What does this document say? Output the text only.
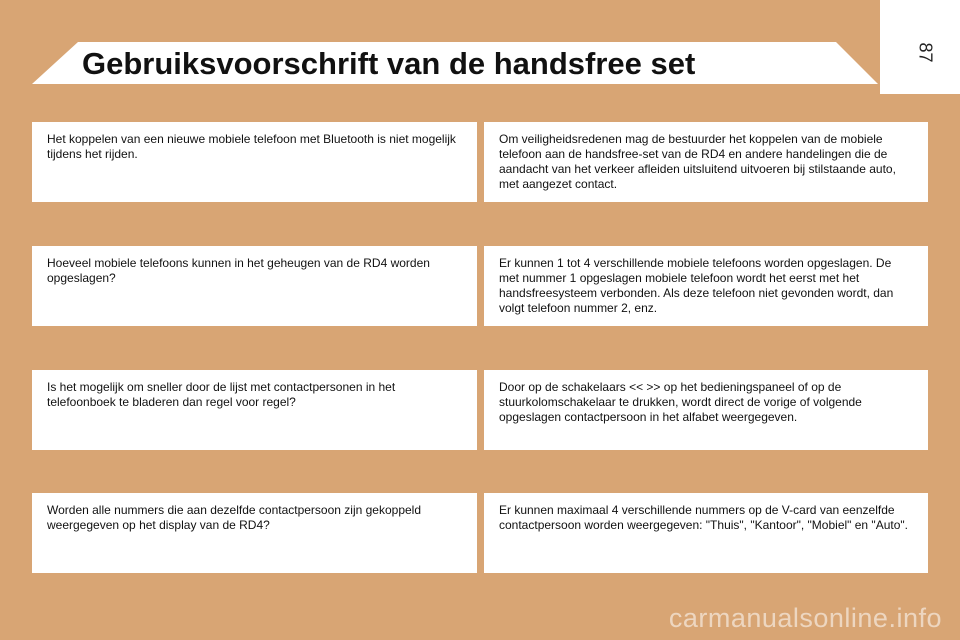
Gebruiksvoorschrift van de handsfree set	87
Het koppelen van een nieuwe mobiele telefoon met Bluetooth is niet mogelijk tijdens het rijden.
Om veiligheidsredenen mag de bestuurder het koppelen van de mobiele telefoon aan de handsfree-set van de RD4 en andere handelingen die de aandacht van het verkeer afleiden uitsluitend uitvoeren bij stilstaande auto, met aangezet contact.
Hoeveel mobiele telefoons kunnen in het geheugen van de RD4 worden opgeslagen?
Er kunnen 1 tot 4 verschillende mobiele telefoons worden opgeslagen. De met nummer 1 opgeslagen mobiele telefoon wordt het eerst met het handsfreesysteem verbonden. Als deze telefoon niet gevonden wordt, dan volgt telefoon nummer 2, enz.
Is het mogelijk om sneller door de lijst met contactpersonen in het telefoonboek te bladeren dan regel voor regel?
Door op de schakelaars << >> op het bedieningspaneel of op de stuurkolomschakelaar te drukken, wordt direct de vorige of volgende opgeslagen contactpersoon in het alfabet weergegeven.
Worden alle nummers die aan dezelfde contactpersoon zijn gekoppeld weergegeven op het display van de RD4?
Er kunnen maximaal 4 verschillende nummers op de V-card van eenzelfde contactpersoon worden weergegeven: "Thuis", "Kantoor", "Mobiel" en "Auto".
carmanualsonline.info
